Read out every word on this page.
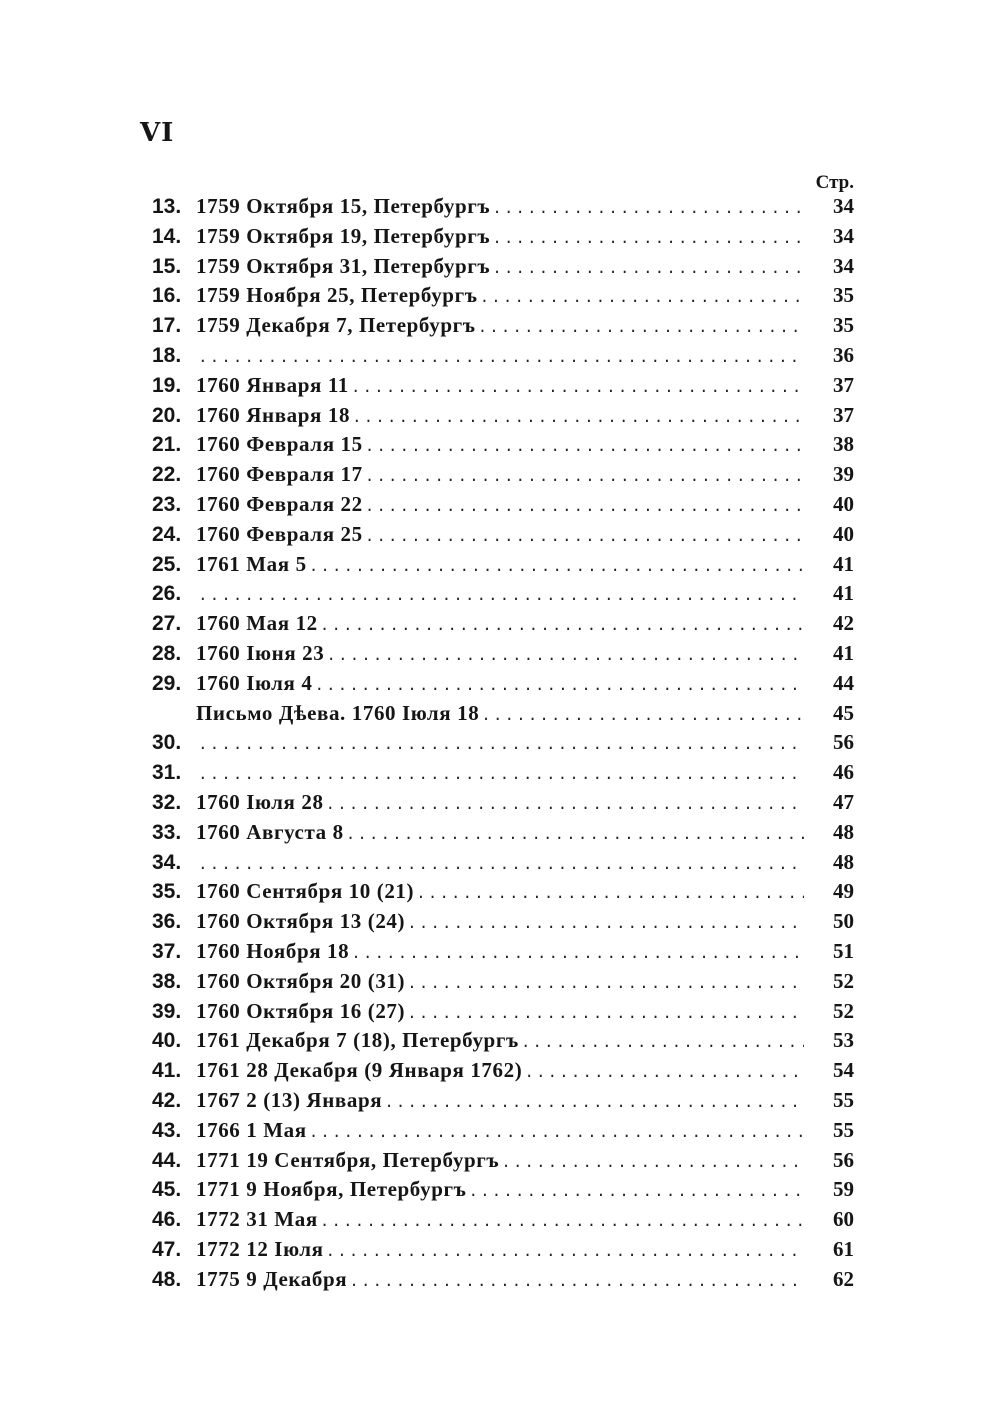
VI
Стр.
13. 1759 Октября 15, Петербургъ .....	34
14. 1759 Октября 19, Петербургъ .....	34
15. 1759 Октября 31, Петербургъ .....	34
16. 1759 Ноября 25, Петербургъ .....	35
17. 1759 Декабря 7, Петербургъ .....	35
18. .....	36
19. 1760 Января 11 .....	37
20. 1760 Января 18 .....	37
21. 1760 Февраля 15 .....	38
22. 1760 Февраля 17 .....	39
23. 1760 Февраля 22 .....	40
24. 1760 Февраля 25 .....	40
25. 1761 Мая 5 .....	41
26. .....	41
27. 1760 Мая 12 .....	42
28. 1760 Іюня 23 .....	41
29. 1760 Іюля 4 .....	44
Письмо Дѣева. 1760 Іюля 18 .....	45
30. .....	56
31. .....	46
32. 1760 Іюля 28 .....	47
33. 1760 Августа 8 .....	48
34. .....	48
35. 1760 Сентября 10 (21) .....	49
36. 1760 Октября 13 (24) .....	50
37. 1760 Ноября 18 .....	51
38. 1760 Октября 20 (31) .....	52
39. 1760 Октября 16 (27) .....	52
40. 1761 Декабря 7 (18), Петербургъ .....	53
41. 1761 28 Декабря (9 Января 1762) .....	54
42. 1767 2 (13) Января .....	55
43. 1766 1 Мая .....	55
44. 1771 19 Сентября, Петербургъ .....	56
45. 1771 9 Ноября, Петербургъ .....	59
46. 1772 31 Мая .....	60
47. 1772 12 Іюля .....	61
48. 1775 9 Декабря .....	62
